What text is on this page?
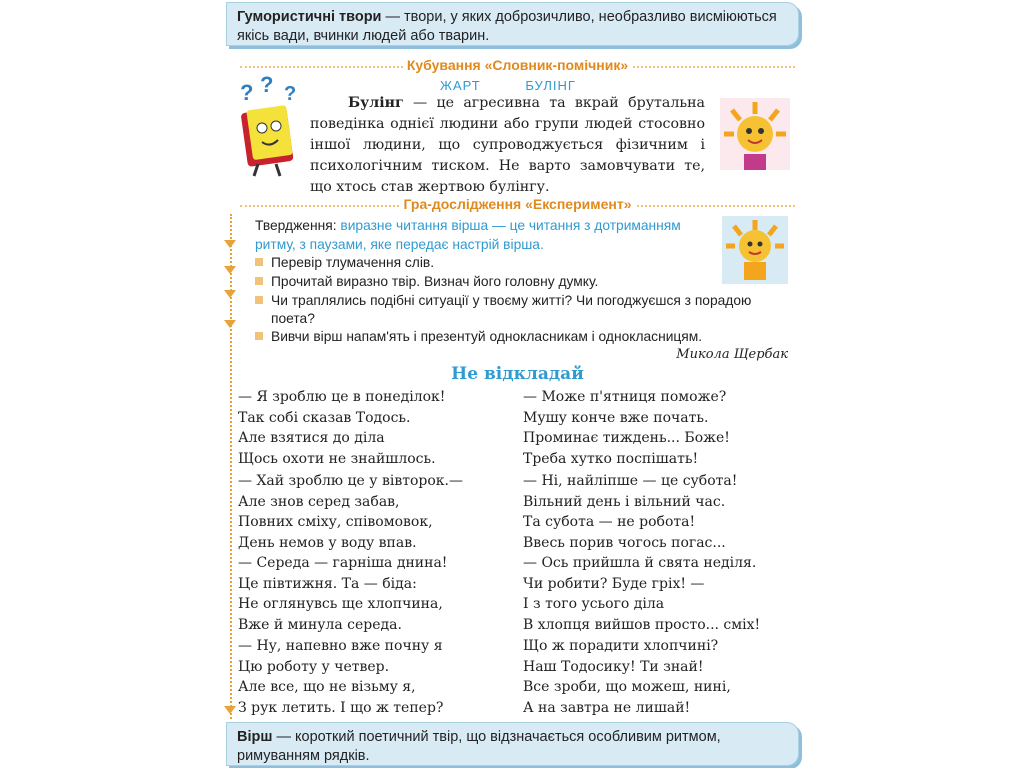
Гумористичні твори — твори, у яких доброзичливо, необразливо висміюються якісь вади, вчинки людей або тварин.
Кубування «Словник-помічник»
ЖАРТ	БУЛІНГ
? ? ?	Булінг — це агресивна та вкрай брутальна поведінка однієї людини або групи людей стосовно іншої людини, що супроводжується фізичним і психологічним тиском. Не варто замовчувати те, що хтось став жертвою булінгу.
Гра-дослідження «Експеримент»
Твердження: виразне читання вірша — це читання з дотриманням ритму, з паузами, яке передає настрій вірша.
Перевір тлумачення слів.
Прочитай виразно твір. Визнач його головну думку.
Чи траплялись подібні ситуації у твоєму житті? Чи погоджуєшся з порадою поета?
Вивчи вірш напам'ять і презентуй однокласникам і однокласницям.
Микола Щербак
Не відкладай
— Я зроблю це в понеділок!
Так собі сказав Тодось.
Але взятися до діла
Щось охоти не знайшлось.
— Хай зроблю це у вівторок.—
Але знов серед забав,
Повних сміху, співомовок,
День немов у воду впав.
— Середа — гарніша днина!
Це півтижня. Та — біда:
Не оглянувсь ще хлопчина,
Вже й минула середа.
— Ну, напевно вже почну я
Цю роботу у четвер.
Але все, що не візьму я,
З рук летить. І що ж тепер?
— Може п'ятниця поможе?
Мушу конче вже почать.
Проминає тиждень... Боже!
Треба хутко поспішать!
— Ні, найліпше — це субота!
Вільний день і вільний час.
Та субота — не робота!
Ввесь порив чогось погас...
— Ось прийшла й свята неділя.
Чи робити? Буде гріх! —
І з того усього діла
В хлопця вийшов просто... сміх!
Що ж порадити хлопчині?
Наш Тодосику! Ти знай!
Все зроби, що можеш, нині,
А на завтра не лишай!
Вірш — короткий поетичний твір, що відзначається особливим ритмом, римуванням рядків.
